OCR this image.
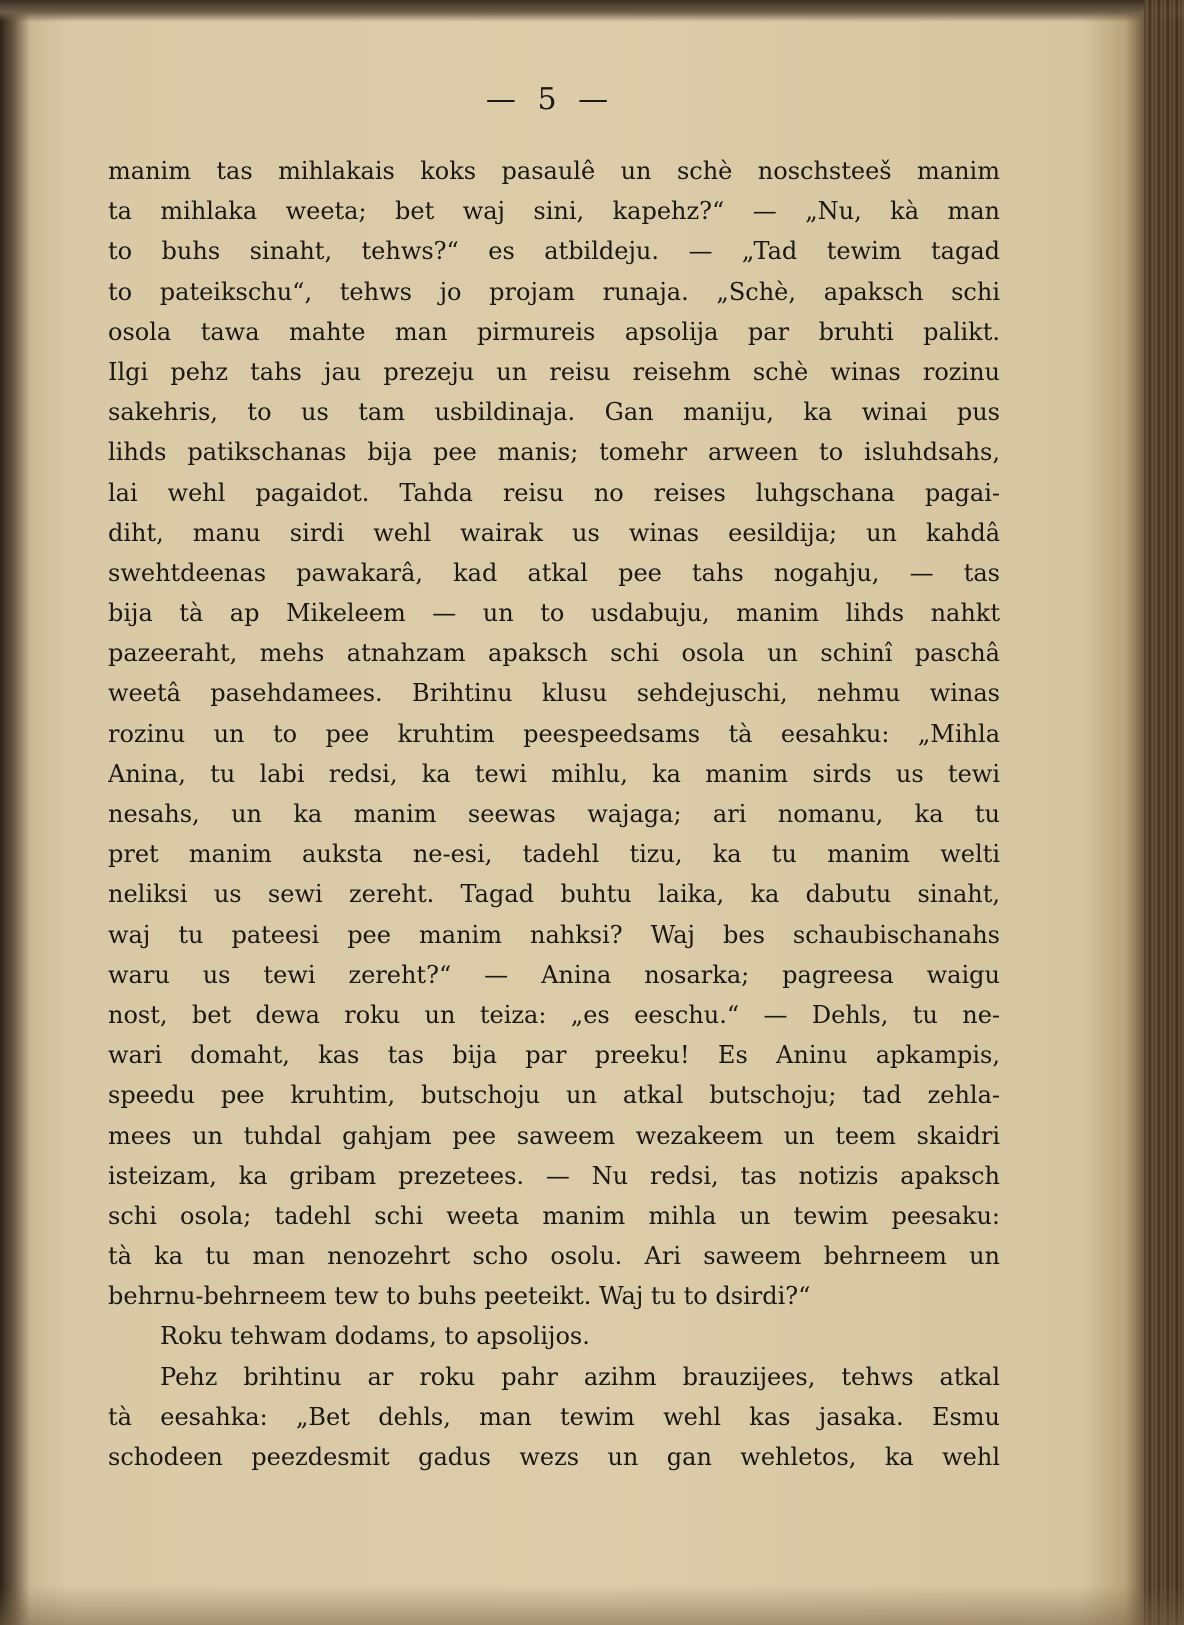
— 5 —
manim tas mihlakais koks pasaulê un schè noschsteeš manim
ta mihlaka weeta; bet waj sini, kapehz?“ — „Nu, kà man
to buhs sinaht, tehws?“ es atbildeju. — „Tad tewim tagad
to pateikschu“, tehws jo projam runaja. „Schè, apaksch schi
osola tawa mahte man pirmureis apsolija par bruhti palikt.
Ilgi pehz tahs jau prezeju un reisu reisehm schè winas rozinu
sakehris, to us tam usbildinaja. Gan maniju, ka winai pus
lihds patikschanas bija pee manis; tomehr arween to isluhdsahs,
lai wehl pagaidot. Tahda reisu no reises luhgschana pagai-
diht, manu sirdi wehl wairak us winas eesildija; un kahdâ
swehtdeenas pawakarâ, kad atkal pee tahs nogahju, — tas
bija tà ap Mikeleem — un to usdabuju, manim lihds nahkt
pazeeraht, mehs atnahzam apaksch schi osola un schinî paschâ
weetâ pasehdamees. Brihtinu klusu sehdejuschi, nehmu winas
rozinu un to pee kruhtim peespeedsams tà eesahku: „Mihla
Anina, tu labi redsi, ka tewi mihlu, ka manim sirds us tewi
nesahs, un ka manim seewas wajaga; ari nomanu, ka tu
pret manim auksta ne-esi, tadehl tizu, ka tu manim welti
neliksi us sewi zereht. Tagad buhtu laika, ka dabutu sinaht,
waj tu pateesi pee manim nahksi? Waj bes schaubischanahs
waru us tewi zereht?“ — Anina nosarka; pagreesa waigu
nost, bet dewa roku un teiza: „es eeschu.“ — Dehls, tu ne-
wari domaht, kas tas bija par preeku! Es Aninu apkampis,
speedu pee kruhtim, butschoju un atkal butschoju; tad zehla-
mees un tuhdal gahjam pee saweem wezakeem un teem skaidri
isteizam, ka gribam prezetees. — Nu redsi, tas notizis apaksch
schi osola; tadehl schi weeta manim mihla un tewim peesaku:
tà ka tu man nenozehrt scho osolu. Ari saweem behrneem un
behrnu-behrneem tew to buhs peeteikt. Waj tu to dsirdi?“
Roku tehwam dodams, to apsolijos.
Pehz brihtinu ar roku pahr azihm brauzijees, tehws atkal
tà eesahka: „Bet dehls, man tewim wehl kas jasaka. Esmu
schodeen peezdesmit gadus wezs un gan wehletos, ka wehl
